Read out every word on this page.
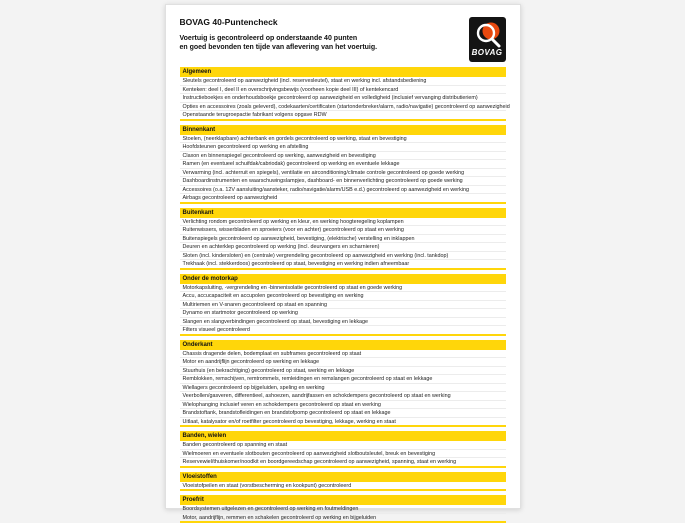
BOVAG 40-Puntencheck
Voertuig is gecontroleerd op onderstaande 40 punten
en goed bevonden ten tijde van aflevering van het voertuig.
BOVAG
Algemeen
Sleutels gecontroleerd op aanwezigheid (incl. reservesleutel), staat en werking incl. afstandsbediening
Kenteken: deel I, deel II en overschrijvingsbewijs (voorheen kopie deel III) of kentekencard
Instructieboekjes en onderhoudsboekje gecontroleerd op aanwezigheid en volledigheid (inclusief vervanging distributieriem)
Opties en accessoires (zoals geleverd), codekaarten/certificaten (startonderbreker/alarm, radio/navigatie) gecontroleerd op aanwezigheid
Openstaande terugroepactie fabrikant volgens opgave RDW
Binnenkant
Stoelen, (neerklapbare) achterbank en gordels gecontroleerd op werking, staat en bevestiging
Hoofdsteunen gecontroleerd op werking en afstelling
Claxon en binnenspiegel gecontroleerd op werking, aanwezigheid en bevestiging
Ramen (en eventueel schuifdak/cabriodak) gecontroleerd op werking en eventuele lekkage
Verwarming (incl. achterruit en spiegels), ventilatie en airconditioning/climate controle gecontroleerd op goede werking
Dashboardinstrumenten en waarschuwingslampjes, dashboard- en binnenverlichting gecontroleerd op goede werking
Accessoires (o.a. 12V aansluiting/aansteker, radio/navigatie/alarm/USB e.d.) gecontroleerd op aanwezigheid en werking
Airbags gecontroleerd op aanwezigheid
Buitenkant
Verlichting rondom gecontroleerd op werking en kleur, en werking hoogteregeling koplampen
Ruitenwissers, wisserbladen en sproeiers (voor en achter) gecontroleerd op staat en werking
Buitenspiegels gecontroleerd op aanwezigheid, bevestiging, (elektrische) verstelling en inklappen
Deuren en achterklep gecontroleerd op werking (incl. deurvangers en scharnieren)
Sloten (incl. kindersloten) en (centrale) vergrendeling gecontroleerd op aanwezigheid en werking (incl. tankdop)
Trekhaak (incl. stekkerdoos) gecontroleerd op staat, bevestiging en werking indien afneembaar
Onder de motorkap
Motorkapsluiting, -vergrendeling en -binnenisolatie gecontroleerd op staat en goede werking
Accu, accucapaciteit en accupolen gecontroleerd op bevestiging en werking
Multiriemen en V-snaren gecontroleerd op staat en spanning
Dynamo en startmotor gecontroleerd op werking
Slangen en slangverbindingen gecontroleerd op staat, bevestiging en lekkage
Filters visueel gecontroleerd
Onderkant
Chassis dragende delen, bodemplaat en subframes gecontroleerd op staat
Motor en aandrijflijn gecontroleerd op werking en lekkage
Stuurhuis (en bekrachtiging) gecontroleerd op staat, werking en lekkage
Remblokken, remschijven, remtrommels, remleidingen en remslangen gecontroleerd op staat en lekkage
Wiellagers gecontroleerd op bijgeluiden, speling en werking
Veerbollen/gasveren, differentieel, ashoezen, aandrijfassen en schokdempers gecontroleerd op staat en werking
Wielophanging inclusief veren en schokdempers gecontroleerd op staat en werking
Brandstoftank, brandstofleidingen en brandstofpomp gecontroleerd op staat en lekkage
Uitlaat, katalysator en/of roetfilter gecontroleerd op bevestiging, lekkage, werking en staat
Banden, wielen
Banden gecontroleerd op spanning en staat
Wielmoeren en eventuele slotbouten gecontroleerd op aanwezigheid slotboutsleutel, breuk en bevestiging
Reservewiel/thuiskomer/noodkit en boordgereedschap gecontroleerd op aanwezigheid, spanning, staat en werking
Vloeistoffen
Vloeistofpeilen en staat (vorstbescherming en kookpunt) gecontroleerd
Proefrit
Boordsystemen uitgelezen en gecontroleerd op werking en foutmeldingen
Motor, aandrijflijn, remmen en schakelen gecontroleerd op werking en bijgeluiden
